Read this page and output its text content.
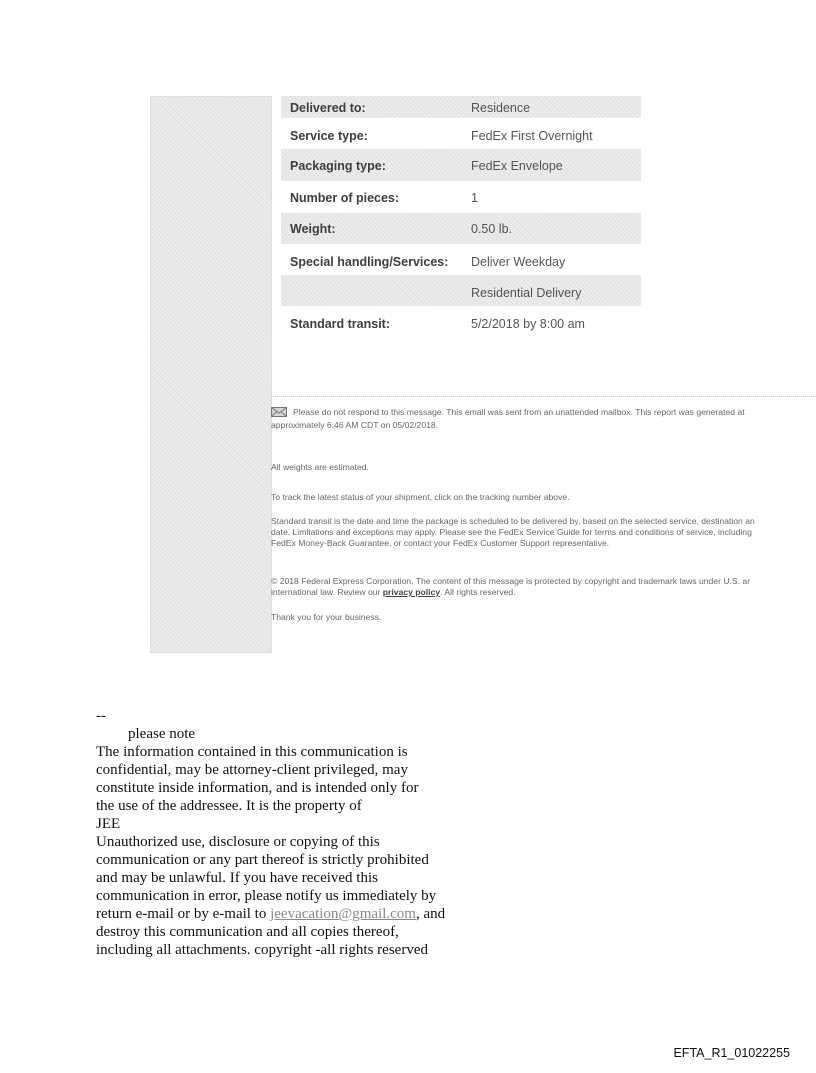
Delivered to:	Residence
Service type:	FedEx First Overnight
Packaging type:	FedEx Envelope
Number of pieces:	1
Weight:	0.50 lb.
Special handling/Services: Deliver Weekday
Residential Delivery
Standard transit:	5/2/2018 by 8:00 am
Please do not respond to this message. This email was sent from an unattended mailbox. This report was generated at
approximately 6:46 AM CDT on 05/02/2018.
All weights are estimated.
To track the latest status of your shipment, click on the tracking number above.
Standard transit is the date and time the package is scheduled to be delivered by, based on the selected service, destination an
date. Limitations and exceptions may apply. Please see the FedEx Service Guide for terms and conditions of service, including
FedEx Money-Back Guarantee, or contact your FedEx Customer Support representative.
© 2018 Federal Express Corporation. The content of this message is protected by copyright and trademark laws under U.S. ar
international law. Review our privacy policy. All rights reserved.
Thank you for your business.

--

please note

The information contained in this communication is

confidential, may be attorney-client privileged, may

constitute inside information, and is intended only for

the use of the addressee. It is the property of

JEE

Unauthorized use, disclosure or copying of this

communication or any part thereof is strictly prohibited

and may be unlawful. If you have received this

communication in error, please notify us immediately by

return e-mail or by e-mail to jeevacation@gmail.com, and

destroy this communication and all copies thereof,

including all attachments. copyright -all rights reserved

EFTA_R1_01022255
